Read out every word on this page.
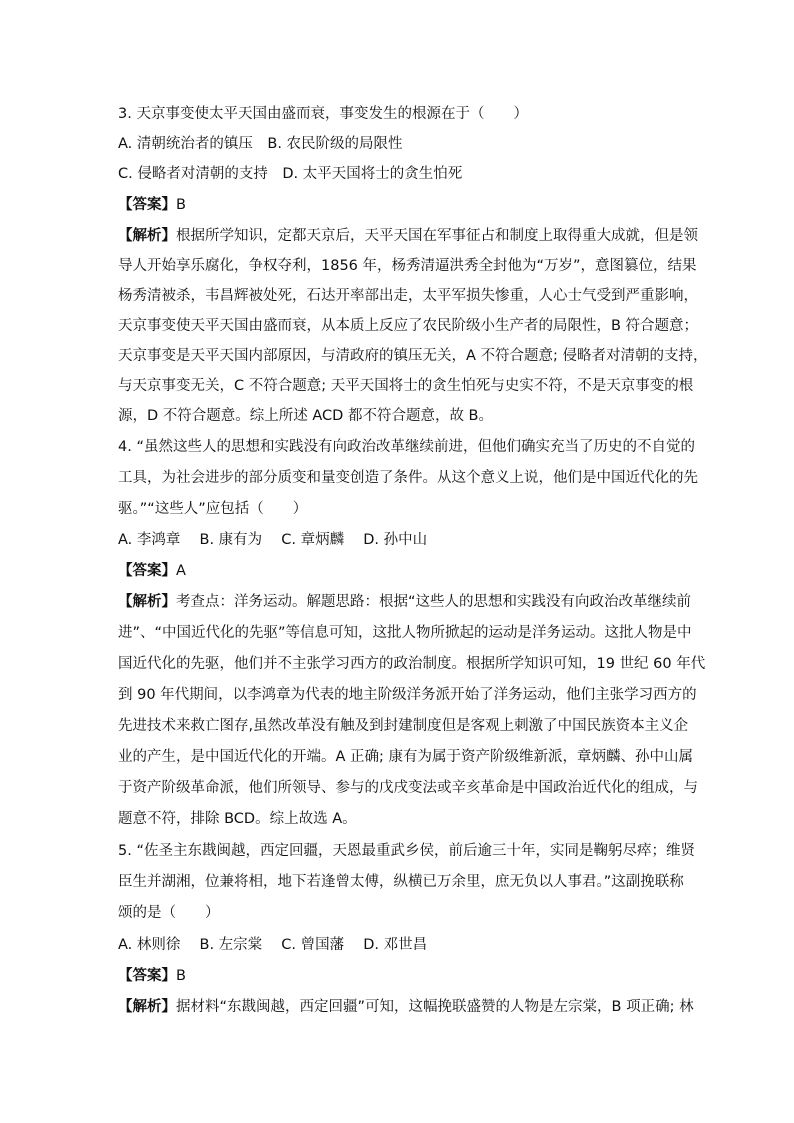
3. 天京事变使太平天国由盛而衰，事变发生的根源在于（　　）
A. 清朝统治者的镇压　B. 农民阶级的局限性
C. 侵略者对清朝的支持　D. 太平天国将士的贪生怕死
【答案】B
【解析】根据所学知识，定都天京后，天平天国在军事征占和制度上取得重大成就，但是领
导人开始享乐腐化，争权夺利，1856 年，杨秀清逼洪秀全封他为“万岁”，意图篡位，结果
杨秀清被杀，韦昌辉被处死，石达开率部出走，太平军损失惨重，人心士气受到严重影响，
天京事变使天平天国由盛而衰，从本质上反应了农民阶级小生产者的局限性，B 符合题意；
天京事变是天平天国内部原因，与清政府的镇压无关，A 不符合题意; 侵略者对清朝的支持，
与天京事变无关，C 不符合题意; 天平天国将士的贪生怕死与史实不符，不是天京事变的根
源，D 不符合题意。综上所述 ACD 都不符合题意，故 B。
4. “虽然这些人的思想和实践没有向政治改革继续前进，但他们确实充当了历史的不自觉的
工具，为社会进步的部分质变和量变创造了条件。从这个意义上说，他们是中国近代化的先
驱。”“这些人”应包括（　　）
A. 李鸿章　 B. 康有为　 C. 章炳麟　 D. 孙中山
【答案】A
【解析】考查点：洋务运动。解题思路：根据“这些人的思想和实践没有向政治改革继续前
进”、“中国近代化的先驱”等信息可知，这批人物所掀起的运动是洋务运动。这批人物是中
国近代化的先驱，他们并不主张学习西方的政治制度。根据所学知识可知，19 世纪 60 年代
到 90 年代期间，以李鸿章为代表的地主阶级洋务派开始了洋务运动，他们主张学习西方的
先进技术来救亡图存,虽然改革没有触及到封建制度但是客观上刺激了中国民族资本主义企
业的产生，是中国近代化的开端。A 正确; 康有为属于资产阶级维新派，章炳麟、孙中山属
于资产阶级革命派，他们所领导、参与的戊戌变法或辛亥革命是中国政治近代化的组成，与
题意不符，排除 BCD。综上故选 A。
5. “佐圣主东戡闽越，西定回疆，天恩最重武乡侯，前后逾三十年，实同是鞠躬尽瘁；维贤
臣生并湖湘，位兼将相，地下若逢曾太傅，纵横已万余里，庶无负以人事君。”这副挽联称
颂的是（　　）
A. 林则徐　 B. 左宗棠　 C. 曾国藩　 D. 邓世昌
【答案】B
【解析】据材料“东戡闽越，西定回疆”可知，这幅挽联盛赞的人物是左宗棠，B 项正确; 林
